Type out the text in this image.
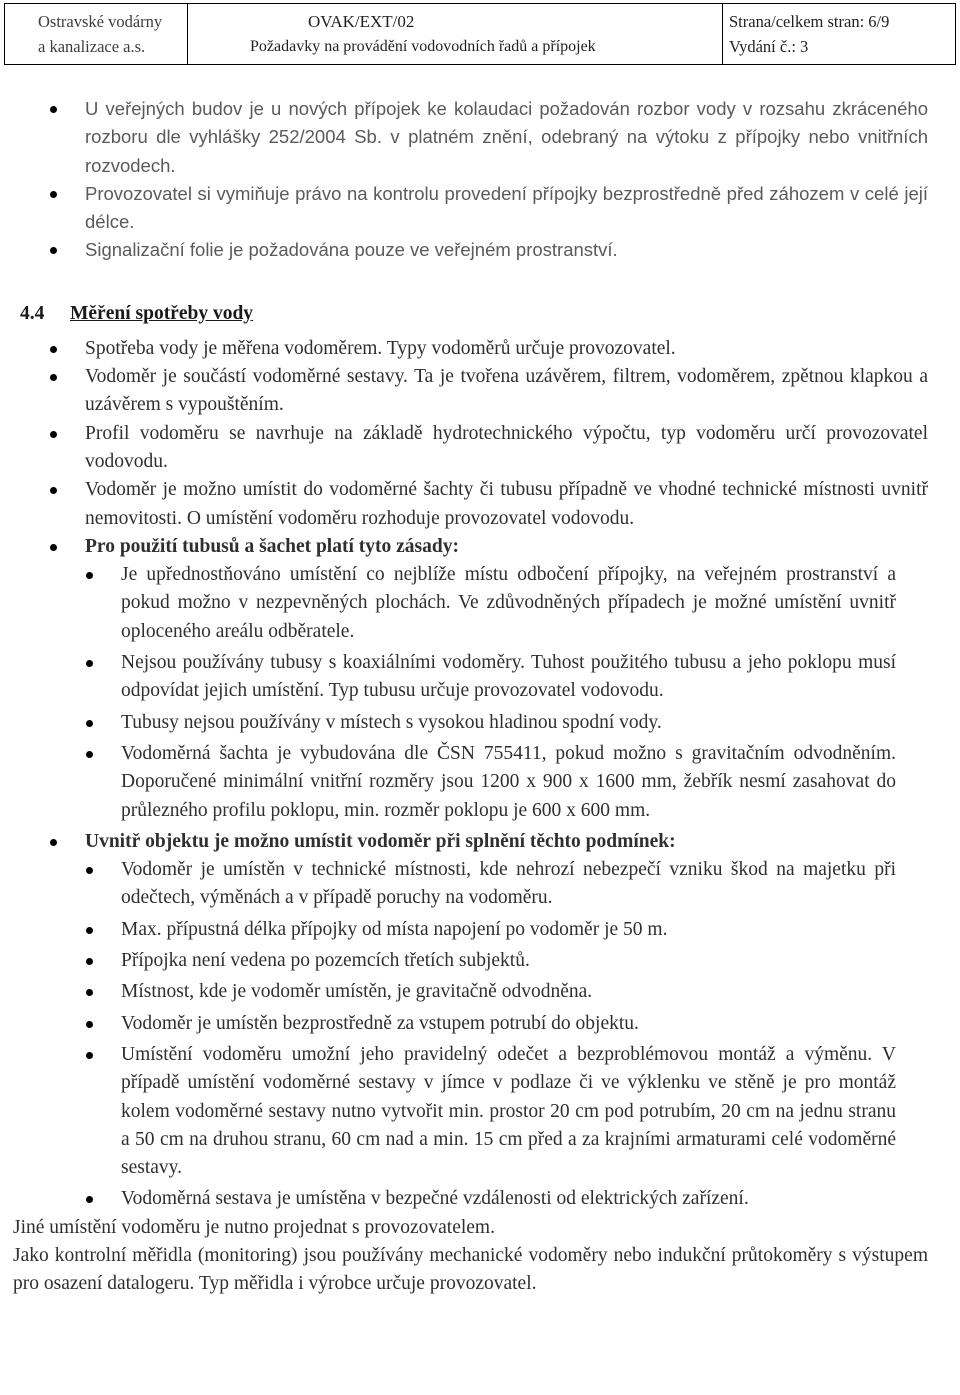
Ostravské vodárny
a kanalizace a.s.
OVAK/EXT/02
Požadavky na provádění vodovodních řadů a přípojek
Strana/celkem stran: 6/9
Vydání č.: 3
U veřejných budov je u nových přípojek ke kolaudaci požadován rozbor vody v rozsahu zkráceného rozboru dle vyhlášky 252/2004 Sb. v platném znění, odebraný na výtoku z přípojky nebo vnitřních rozvodech.
Provozovatel si vymiňuje právo na kontrolu provedení přípojky bezprostředně před záhozem v celé její délce.
Signalizační folie je požadována pouze ve veřejném prostranství.
4.4 Měření spotřeby vody
Spotřeba vody je měřena vodoměrem. Typy vodoměrů určuje provozovatel.
Vodoměr je součástí vodoměrné sestavy. Ta je tvořena uzávěrem, filtrem, vodoměrem, zpětnou klapkou a uzávěrem s vypouštěním.
Profil vodoměru se navrhuje na základě hydrotechnického výpočtu, typ vodoměru určí provozovatel vodovodu.
Vodoměr je možno umístit do vodoměrné šachty či tubusu případně ve vhodné technické místnosti uvnitř nemovitosti. O umístění vodoměru rozhoduje provozovatel vodovodu.
Pro použití tubusů a šachet platí tyto zásady:
Je upřednostňováno umístění co nejblíže místu odbočení přípojky, na veřejném prostranství a pokud možno v nezpevněných plochách. Ve zdůvodněných případech je možné umístění uvnitř oploceného areálu odběratele.
Nejsou používány tubusy s koaxiálními vodoměry. Tuhost použitého tubusu a jeho poklopu musí odpovídat jejich umístění. Typ tubusu určuje provozovatel vodovodu.
Tubusy nejsou používány v místech s vysokou hladinou spodní vody.
Vodoměrná šachta je vybudována dle ČSN 755411, pokud možno s gravitačním odvodněním. Doporučené minimální vnitřní rozměry jsou 1200 x 900 x 1600 mm, žebřík nesmí zasahovat do průlezného profilu poklopu, min. rozměr poklopu je 600 x 600 mm.
Uvnitř objektu je možno umístit vodoměr při splnění těchto podmínek:
Vodoměr je umístěn v technické místnosti, kde nehrozí nebezpečí vzniku škod na majetku při odečtech, výměnách a v případě poruchy na vodoměru.
Max. přípustná délka přípojky od místa napojení po vodoměr je 50 m.
Přípojka není vedena po pozemcích třetích subjektů.
Místnost, kde je vodoměr umístěn, je gravitačně odvodněna.
Vodoměr je umístěn bezprostředně za vstupem potrubí do objektu.
Umístění vodoměru umožní jeho pravidelný odečet a bezproblémovou montáž a výměnu. V případě umístění vodoměrné sestavy v jímce v podlaze či ve výklenku ve stěně je pro montáž kolem vodoměrné sestavy nutno vytvořit min. prostor 20 cm pod potrubím, 20 cm na jednu stranu a 50 cm na druhou stranu, 60 cm nad a min. 15 cm před a za krajními armaturami celé vodoměrné sestavy.
Vodoměrná sestava je umístěna v bezpečné vzdálenosti od elektrických zařízení.
Jiné umístění vodoměru je nutno projednat s provozovatelem.
Jako kontrolní měřidla (monitoring) jsou používány mechanické vodoměry nebo indukční průtokoměry s výstupem pro osazení datalogeru. Typ měřidla i výrobce určuje provozovatel.
